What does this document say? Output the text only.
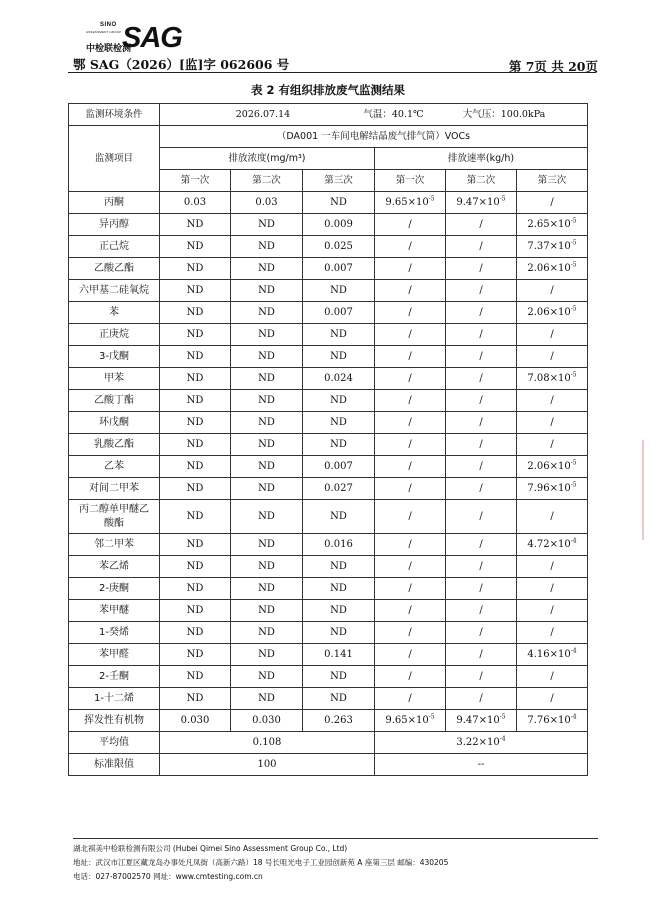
SINO
ASSESSMENT GROUP
中检联检测
SAG
鄂 SAG（2026）[监]字 062606 号	第 7页 共 20页
表 2 有组织排放废气监测结果
监测环境条件	2026.07.14 气温：40.1℃ 大气压：100.0kPa					
监测项目	（DA001 一车间电解结晶废气排气筒）VOCs					
	排放浓度(mg/m³)			排放速率(kg/h)		
	第一次	第二次	第三次	第一次	第二次	第三次
丙酮	0.03	0.03	ND	$9.65\times 10^{-5}$	$9.47\times 10^{-5}$	/
异丙醇	ND	ND	0.009	/	/	$2.65\times 10^{-5}$
正己烷	ND	ND	0.025	/	/	$7.37\times 10^{-5}$
乙酸乙酯	ND	ND	0.007	/	/	$2.06\times 10^{-5}$
六甲基二硅氧烷	ND	ND	ND	/	/	/
苯	ND	ND	0.007	/	/	$2.06\times 10^{-5}$
正庚烷	ND	ND	ND	/	/	/
3-戊酮	ND	ND	ND	/	/	/
甲苯	ND	ND	0.024	/	/	$7.08\times 10^{-5}$
乙酸丁酯	ND	ND	ND	/	/	/
环戊酮	ND	ND	ND	/	/	/
乳酸乙酯	ND	ND	ND	/	/	/
乙苯	ND	ND	0.007	/	/	$2.06\times 10^{-5}$
对间二甲苯	ND	ND	0.027	/	/	$7.96\times 10^{-5}$
丙二醇单甲醚乙酸酯	ND	ND	ND	/	/	/
邻二甲苯	ND	ND	0.016	/	/	$4.72\times 10^{-4}$
苯乙烯	ND	ND	ND	/	/	/
2-庚酮	ND	ND	ND	/	/	/
苯甲醚	ND	ND	ND	/	/	/
1-癸烯	ND	ND	ND	/	/	/
苯甲醛	ND	ND	0.141	/	/	$4.16\times 10^{-4}$
2-壬酮	ND	ND	ND	/	/	/
1-十二烯	ND	ND	ND	/	/	/
挥发性有机物	0.030	0.030	0.263	$9.65\times 10^{-5}$	$9.47\times 10^{-5}$	$7.76\times 10^{-4}$
平均值	0.108			$3.22\times 10^{-4}$
标准限值	100			--		
湖北祺美中检联检测有限公司 (Hubei Qimei Sino Assessment Group Co., Ltd)
地址：武汉市江夏区藏龙岛办事处凡凤街（高新六路）18 号长咀光电子工业园创新苑 A 座第三层 邮编：430205
电话：027-87002570 网址：www.cmtesting.com.cn
